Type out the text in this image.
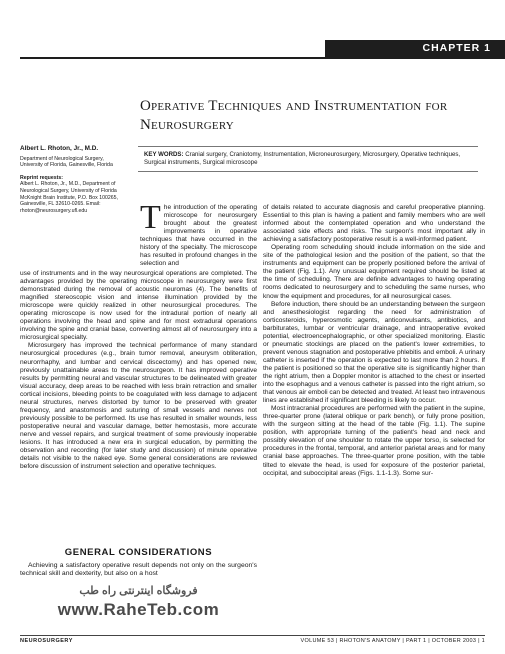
CHAPTER 1
Operative Techniques and Instrumentation for Neurosurgery
KEY WORDS: Cranial surgery, Craniotomy, Instrumentation, Microneurosurgery, Microsurgery, Operative techniques, Surgical instruments, Surgical microscope
Albert L. Rhoton, Jr., M.D.
Department of Neurological Surgery, University of Florida, Gainesville, Florida
Reprint requests:
Albert L. Rhoton, Jr., M.D., Department of Neurological Surgery, University of Florida McKnight Brain Institute, P.O. Box 100265, Gainesville, FL 32610-0265. Email: rhoton@neurosurgery.ufl.edu	The introduction of the operating microscope for neurosurgery brought about the greatest improvements in operative techniques that have occurred in the history of the specialty. The microscope has resulted in profound changes in the selection and

use of instruments and in the way neurosurgical operations are completed. The advantages provided by the operating microscope in neurosurgery were first demonstrated during the removal of acoustic neuromas (4). The benefits of magnified stereoscopic vision and intense illumination provided by the microscope were quickly realized in other neurosurgical procedures. The operating microscope is now used for the intradural portion of nearly all operations involving the head and spine and for most extradural operations involving the spine and cranial base, converting almost all of neurosurgery into a microsurgical specialty.

Microsurgery has improved the technical performance of many standard neurosurgical procedures (e.g., brain tumor removal, aneurysm obliteration, neurorrhaphy, and lumbar and cervical discectomy) and has opened new, previously unattainable areas to the neurosurgeon. It has improved operative results by permitting neural and vascular structures to be delineated with greater visual accuracy, deep areas to be reached with less brain retraction and smaller cortical incisions, bleeding points to be coagulated with less damage to adjacent neural structures, nerves distorted by tumor to be preserved with greater frequency, and anastomosis and suturing of small vessels and nerves not previously possible to be performed. Its use has resulted in smaller wounds, less postoperative neural and vascular damage, better hemostasis, more accurate nerve and vessel repairs, and surgical treatment of some previously inoperable lesions. It has introduced a new era in surgical education, by permitting the observation and recording (for later study and discussion) of minute operative details not visible to the naked eye. Some general considerations are reviewed before discussion of instrument selection and operative techniques.

GENERAL CONSIDERATIONS
Achieving a satisfactory operative result depends not only on the surgeon's technical skill and dexterity, but also on a host

of details related to accurate diagnosis and careful preoperative planning. Essential to this plan is having a patient and family members who are well informed about the contemplated operation and who understand the associated side effects and risks. The surgeon's most important ally in achieving a satisfactory postoperative result is a well-informed patient.

Operating room scheduling should include information on the side and site of the pathological lesion and the position of the patient, so that the instruments and equipment can be properly positioned before the arrival of the patient (Fig. 1.1). Any unusual equipment required should be listed at the time of scheduling. There are definite advantages to having operating rooms dedicated to neurosurgery and to scheduling the same nurses, who know the equipment and procedures, for all neurosurgical cases.

Before induction, there should be an understanding between the surgeon and anesthesiologist regarding the need for administration of corticosteroids, hyperosmotic agents, anticonvulsants, antibiotics, and barbiturates, lumbar or ventricular drainage, and intraoperative evoked potential, electroencephalographic, or other specialized monitoring. Elastic or pneumatic stockings are placed on the patient's lower extremities, to prevent venous stagnation and postoperative phlebitis and emboli. A urinary catheter is inserted if the operation is expected to last more than 2 hours. If the patient is positioned so that the operative site is significantly higher than the right atrium, then a Doppler monitor is attached to the chest or inserted into the esophagus and a venous catheter is passed into the right atrium, so that venous air emboli can be detected and treated. At least two intravenous lines are established if significant bleeding is likely to occur.

Most intracranial procedures are performed with the patient in the supine, three-quarter prone (lateral oblique or park bench), or fully prone position, with the surgeon sitting at the head of the table (Fig. 1.1). The supine position, with appropriate turning of the patient's head and neck and possibly elevation of one shoulder to rotate the upper torso, is selected for procedures in the frontal, temporal, and anterior parietal areas and for many cranial base approaches. The three-quarter prone position, with the table tilted to elevate the head, is used for exposure of the posterior parietal, occipital, and suboccipital areas (Figs. 1.1-1.3). Some sur-

فروشگاه اینترنتی راه طب
www.RaheTeb.com
NEUROSURGERY	VOLUME 53 | RHOTON'S ANATOMY | PART 1 | OCTOBER 2003 | 1
